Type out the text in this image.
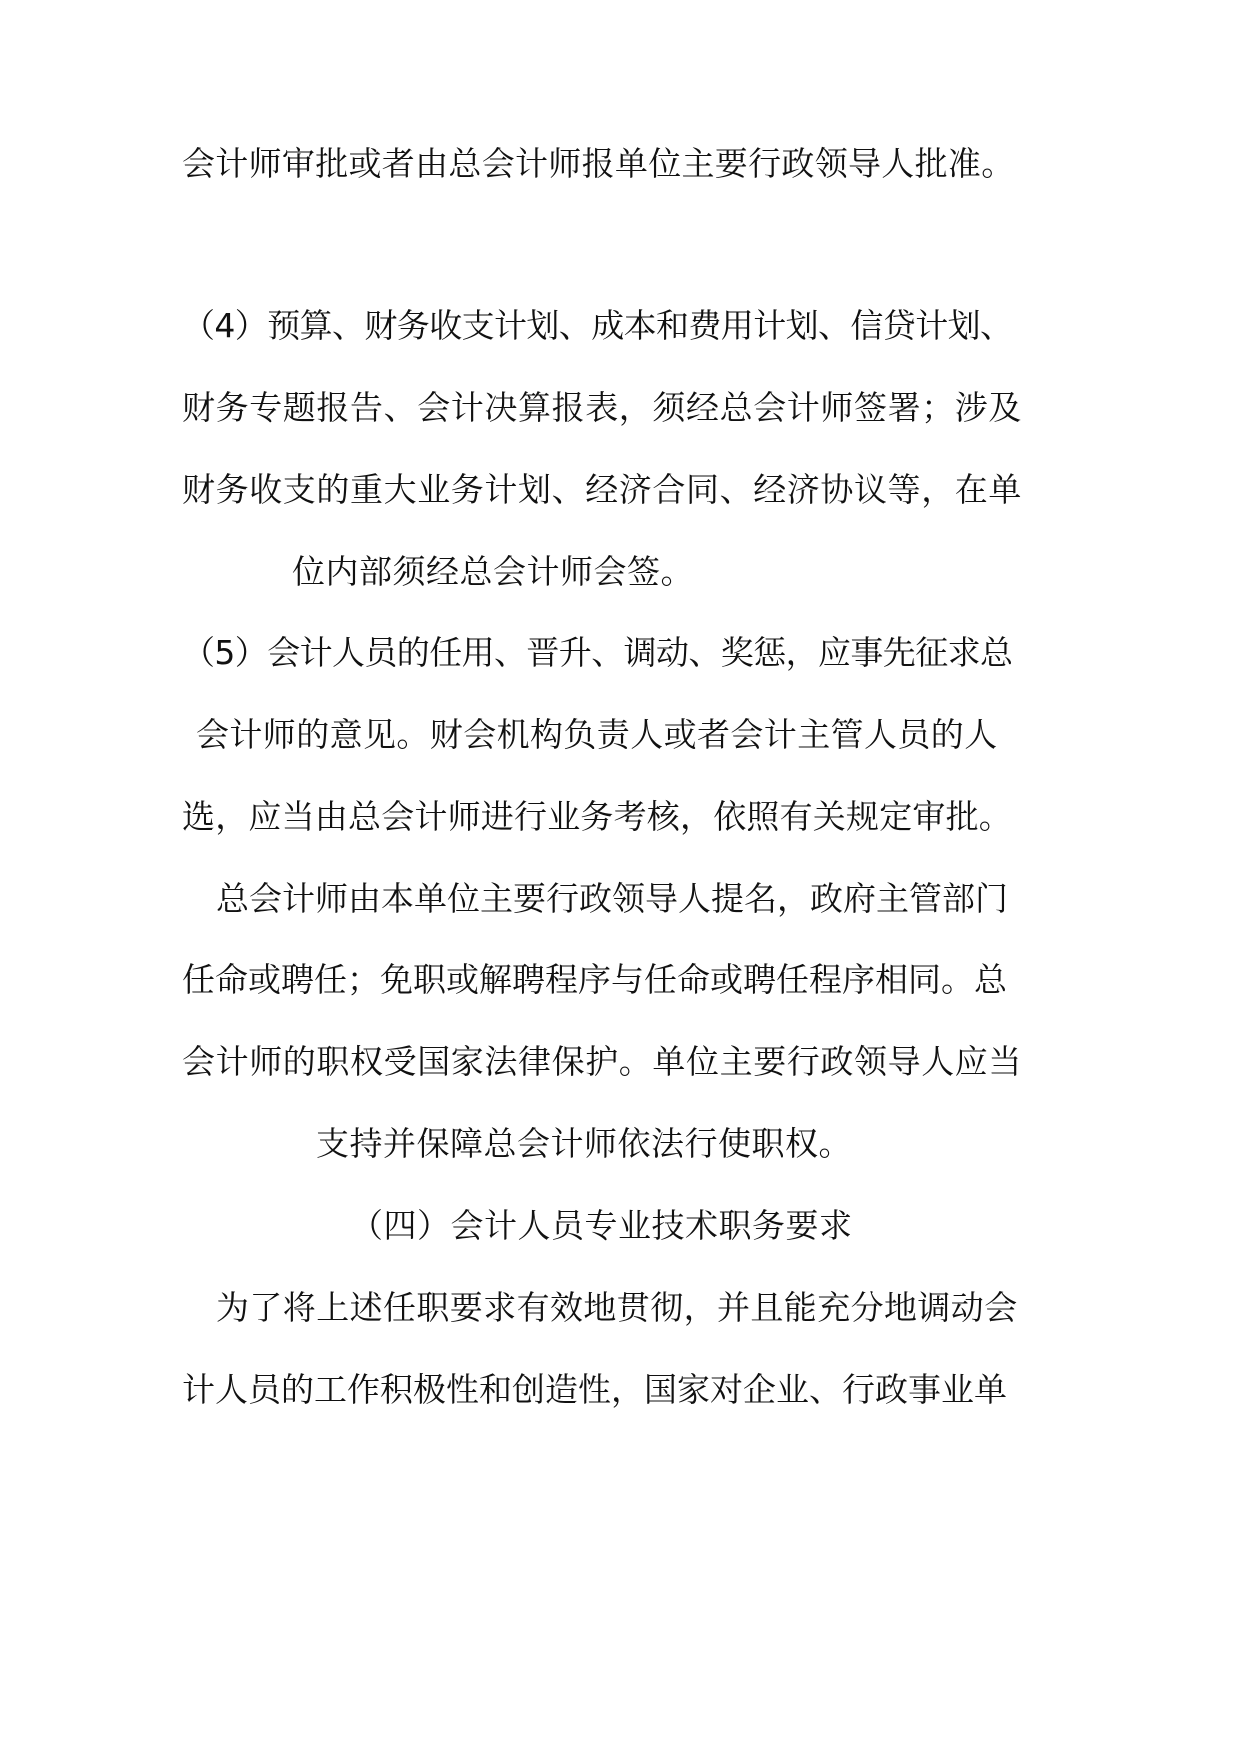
会计师审批或者由总会计师报单位主要行政领导人批准。
（4）预算、财务收支计划、成本和费用计划、信贷计划、
财务专题报告、会计决算报表，须经总会计师签署；涉及
财务收支的重大业务计划、经济合同、经济协议等，在单
位内部须经总会计师会签。
（5）会计人员的任用、晋升、调动、奖惩，应事先征求总
会计师的意见。财会机构负责人或者会计主管人员的人
选，应当由总会计师进行业务考核，依照有关规定审批。
总会计师由本单位主要行政领导人提名，政府主管部门
任命或聘任；免职或解聘程序与任命或聘任程序相同。总
会计师的职权受国家法律保护。单位主要行政领导人应当
支持并保障总会计师依法行使职权。
（四）会计人员专业技术职务要求
为了将上述任职要求有效地贯彻，并且能充分地调动会
计人员的工作积极性和创造性，国家对企业、行政事业单
